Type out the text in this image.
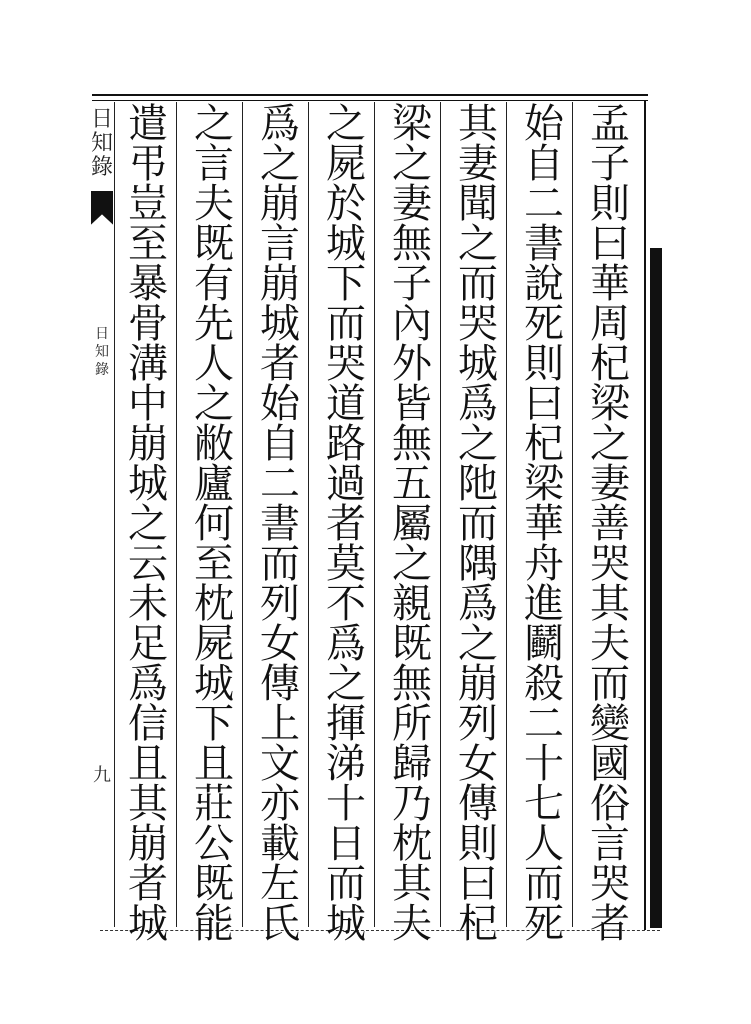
日知錄
日知錄
九
孟
子
則
曰
華
周
杞
梁
之
妻
善
哭
其
夫
而
變
國
俗
言
哭
者
始
自
二
書
說
死
則
曰
杞
梁
華
舟
進
鬬
殺
二
十
七
人
而
死
其
妻
聞
之
而
哭
城
爲
之
阤
而
隅
爲
之
崩
列
女
傳
則
曰
杞
梁
之
妻
無
子
內
外
皆
無
五
屬
之
親
既
無
所
歸
乃
枕
其
夫
之
屍
於
城
下
而
哭
道
路
過
者
莫
不
爲
之
揮
涕
十
日
而
城
爲
之
崩
言
崩
城
者
始
自
二
書
而
列
女
傳
上
文
亦
載
左
氏
之
言
夫
既
有
先
人
之
敝
廬
何
至
枕
屍
城
下
且
莊
公
既
能
遣
弔
豈
至
暴
骨
溝
中
崩
城
之
云
未
足
爲
信
且
其
崩
者
城
